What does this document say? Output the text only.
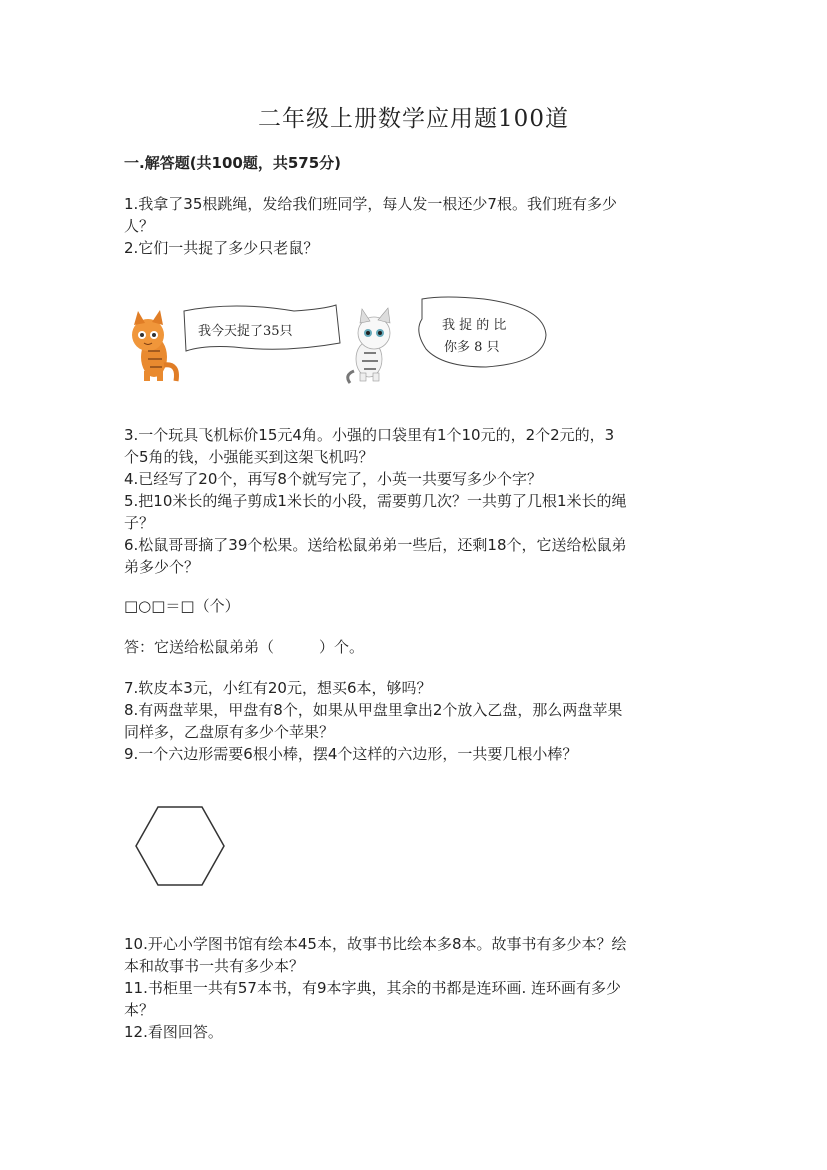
二年级上册数学应用题100道
一.解答题(共100题，共575分)
1.我拿了35根跳绳，发给我们班同学，每人发一根还少7根。我们班有多少
人？
2.它们一共捉了多少只老鼠？
我今天捉了35只	我 捉 的 比
你多 8 只
3.一个玩具飞机标价15元4角。小强的口袋里有1个10元的，2个2元的，3
个5角的钱，小强能买到这架飞机吗？
4.已经写了20个，再写8个就写完了，小英一共要写多少个字？
5.把10米长的绳子剪成1米长的小段，需要剪几次？一共剪了几根1米长的绳
子？
6.松鼠哥哥摘了39个松果。送给松鼠弟弟一些后，还剩18个，它送给松鼠弟
弟多少个？
□○□＝□（个）
答：它送给松鼠弟弟（　　　）个。
7.软皮本3元，小红有20元，想买6本，够吗？
8.有两盘苹果，甲盘有8个，如果从甲盘里拿出2个放入乙盘，那么两盘苹果
同样多，乙盘原有多少个苹果？
9.一个六边形需要6根小棒，摆4个这样的六边形，一共要几根小棒？
10.开心小学图书馆有绘本45本，故事书比绘本多8本。故事书有多少本？绘
本和故事书一共有多少本？
11.书柜里一共有57本书，有9本字典，其余的书都是连环画. 连环画有多少
本？
12.看图回答。
